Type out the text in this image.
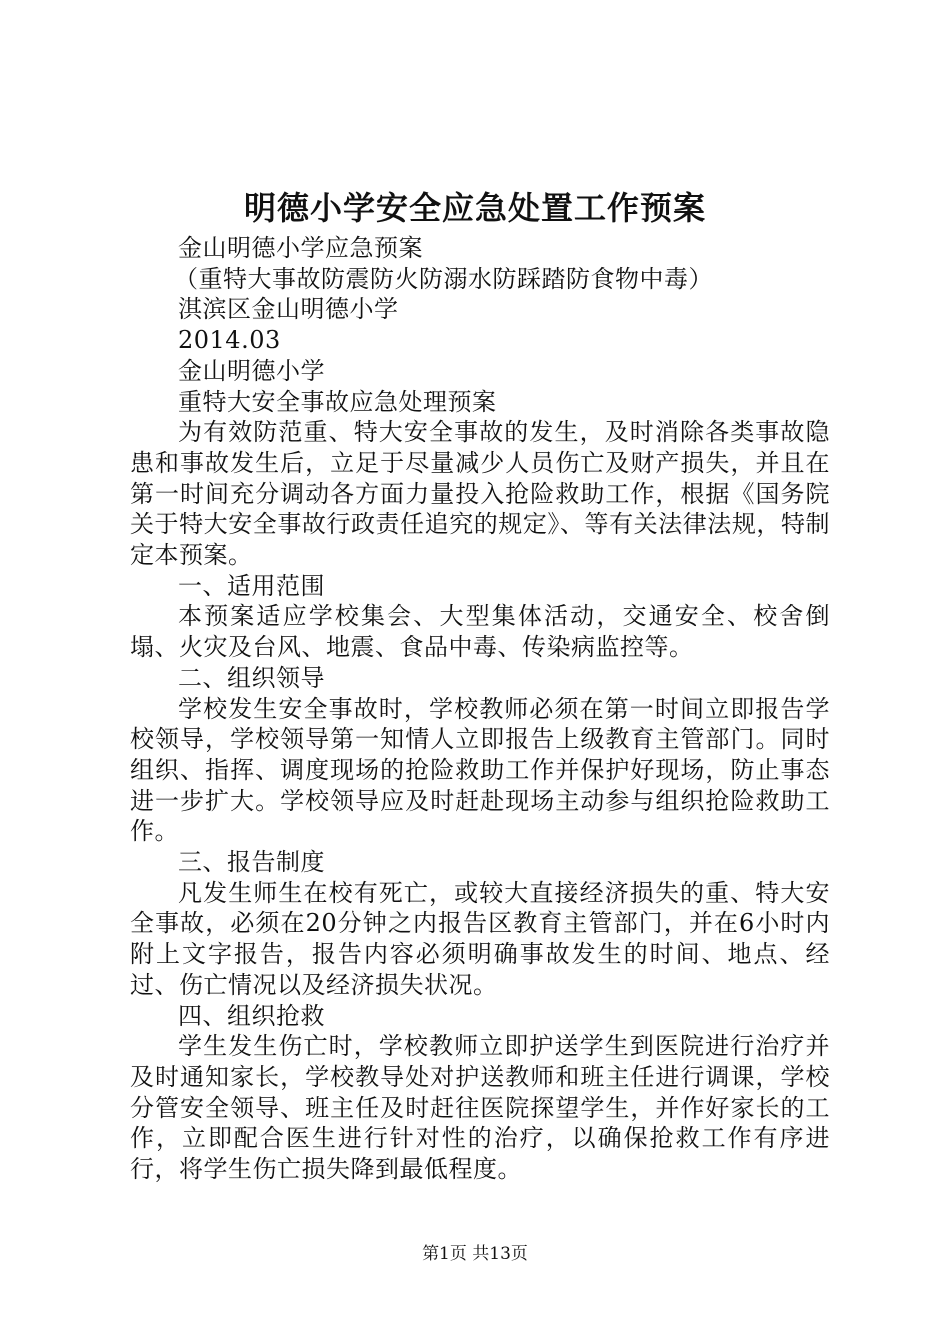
明德小学安全应急处置工作预案
金山明德小学应急预案
（重特大事故防震防火防溺水防踩踏防食物中毒）
淇滨区金山明德小学
2014.03
金山明德小学
重特大安全事故应急处理预案
为有效防范重、特大安全事故的发生，及时消除各类事故隐患和事故发生后，立足于尽量减少人员伤亡及财产损失，并且在第一时间充分调动各方面力量投入抢险救助工作，根据《国务院关于特大安全事故行政责任追究的规定》、等有关法律法规，特制定本预案。
一、适用范围
本预案适应学校集会、大型集体活动，交通安全、校舍倒塌、火灾及台风、地震、食品中毒、传染病监控等。
二、组织领导
学校发生安全事故时，学校教师必须在第一时间立即报告学校领导，学校领导第一知情人立即报告上级教育主管部门。同时组织、指挥、调度现场的抢险救助工作并保护好现场，防止事态进一步扩大。学校领导应及时赶赴现场主动参与组织抢险救助工作。
三、报告制度
凡发生师生在校有死亡，或较大直接经济损失的重、特大安全事故，必须在20分钟之内报告区教育主管部门，并在6小时内附上文字报告，报告内容必须明确事故发生的时间、地点、经过、伤亡情况以及经济损失状况。
四、组织抢救
学生发生伤亡时，学校教师立即护送学生到医院进行治疗并及时通知家长，学校教导处对护送教师和班主任进行调课，学校分管安全领导、班主任及时赶往医院探望学生，并作好家长的工作，立即配合医生进行针对性的治疗，以确保抢救工作有序进行，将学生伤亡损失降到最低程度。
第1页 共13页
